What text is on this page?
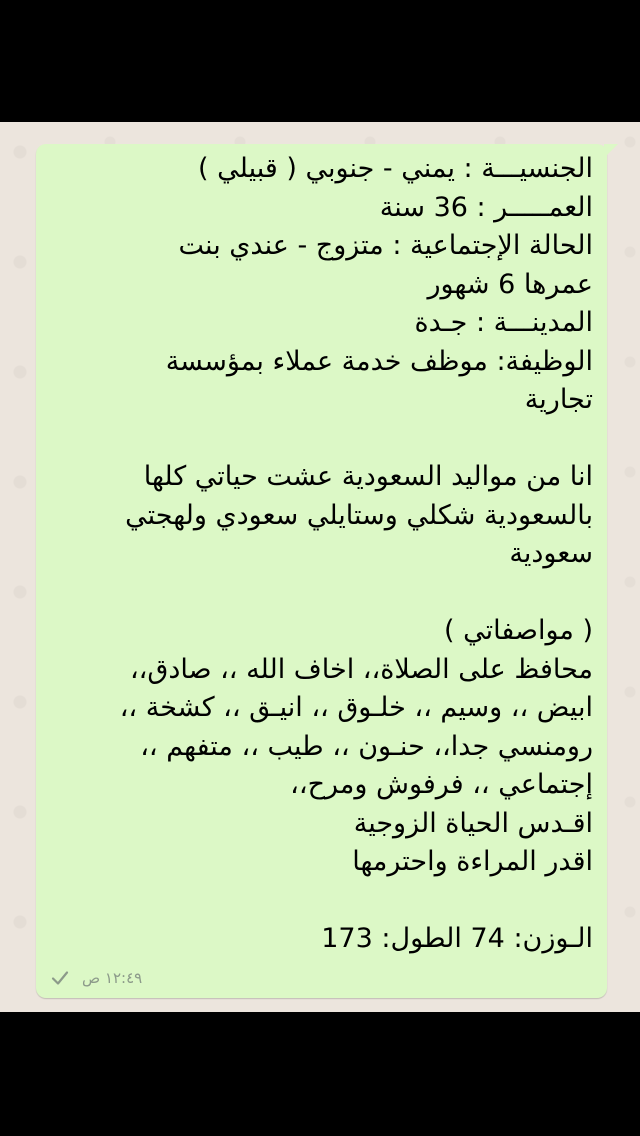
الجنسيـــة : يمني - جنوبي ( قبيلي )
العمـــــر : 36 سنة
الحالة الإجتماعية : متزوج - عندي بنت
عمرها 6 شهور
المدينـــة : جـدة
الوظيفة: موظف خدمة عملاء بمؤسسة
تجارية
انا من مواليد السعودية عشت حياتي كلها
بالسعودية شكلي وستايلي سعودي ولهجتي
سعودية
( مواصفاتي )
محافظ على الصلاة،، اخاف الله ،، صادق،،
ابيض ،، وسيم ،، خلـوق ،، انيـق ،، كشخة ،،
رومنسي جدا،، حنـون ،، طيب ،، متفهم ،،
إجتماعي ،، فرفوش ومرح،،
اقـدس الحياة الزوجية
اقدر المراءة واحترمها
الـوزن: 74 الطول: 173
١٢:٤٩ ص
